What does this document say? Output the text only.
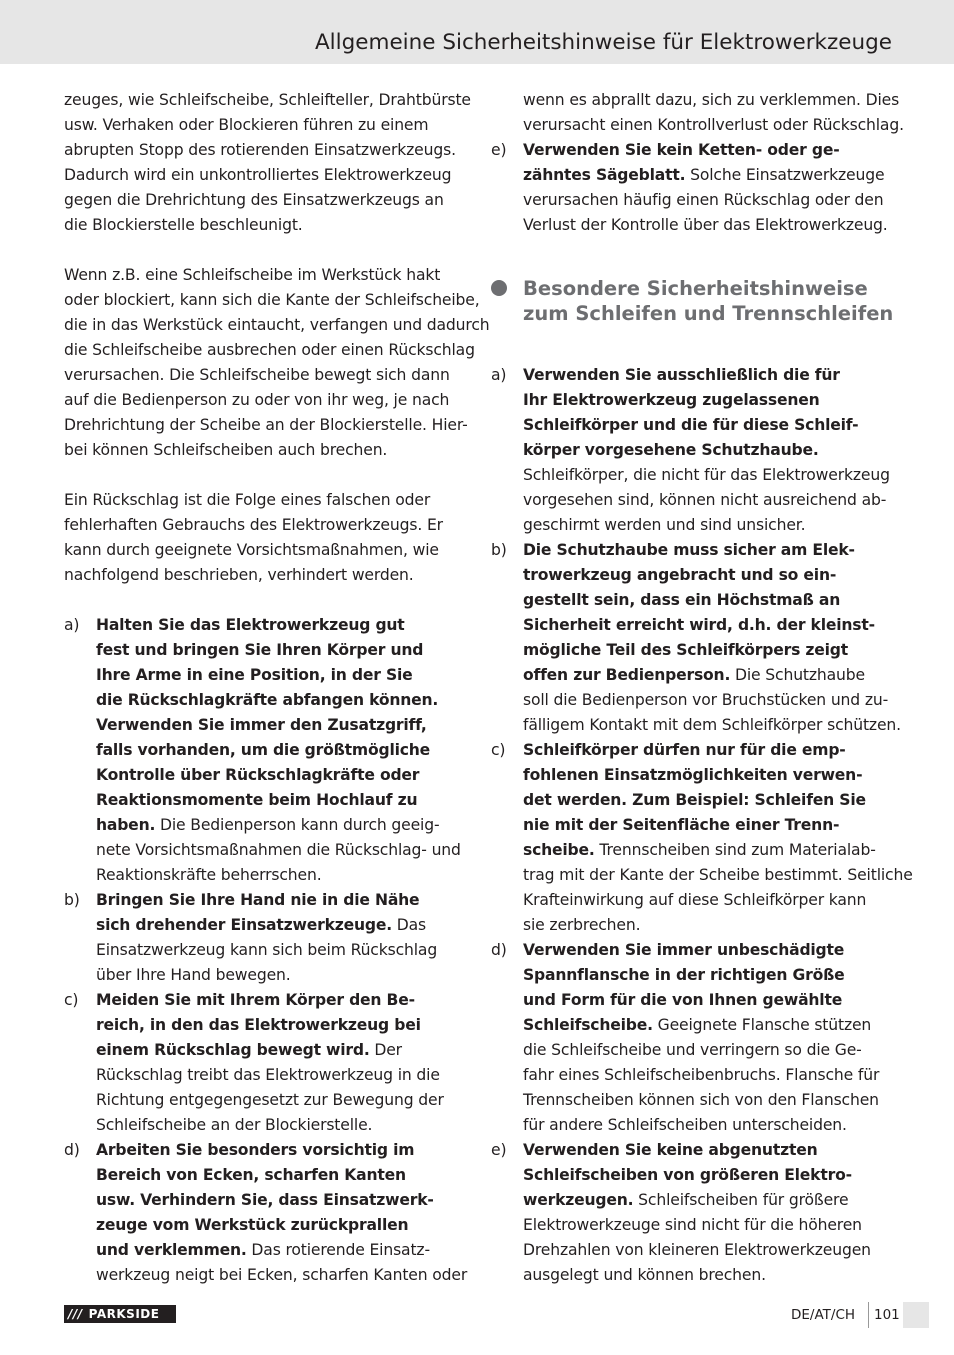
Allgemeine Sicherheitshinweise für Elektrowerkzeuge
zeuges, wie Schleifscheibe, Schleifteller, Drahtbürste
usw. Verhaken oder Blockieren führen zu einem
abrupten Stopp des rotierenden Einsatzwerkzeugs.
Dadurch wird ein unkontrolliertes Elektrowerkzeug
gegen die Drehrichtung des Einsatzwerkzeugs an
die Blockierstelle beschleunigt.
Wenn z.B. eine Schleifscheibe im Werkstück hakt
oder blockiert, kann sich die Kante der Schleifscheibe,
die in das Werkstück eintaucht, verfangen und dadurch
die Schleifscheibe ausbrechen oder einen Rückschlag
verursachen. Die Schleifscheibe bewegt sich dann
auf die Bedienperson zu oder von ihr weg, je nach
Drehrichtung der Scheibe an der Blockierstelle. Hier-
bei können Schleifscheiben auch brechen.
Ein Rückschlag ist die Folge eines falschen oder
fehlerhaften Gebrauchs des Elektrowerkzeugs. Er
kann durch geeignete Vorsichtsmaßnahmen, wie
nachfolgend beschrieben, verhindert werden.
a) Halten Sie das Elektrowerkzeug gut
fest und bringen Sie Ihren Körper und
Ihre Arme in eine Position, in der Sie
die Rückschlagkräfte abfangen können.
Verwenden Sie immer den Zusatzgriff,
falls vorhanden, um die größtmögliche
Kontrolle über Rückschlagkräfte oder
Reaktionsmomente beim Hochlauf zu
haben. Die Bedienperson kann durch geeig-
nete Vorsichtsmaßnahmen die Rückschlag- und
Reaktionskräfte beherrschen.
b) Bringen Sie Ihre Hand nie in die Nähe
sich drehender Einsatzwerkzeuge. Das
Einsatzwerkzeug kann sich beim Rückschlag
über Ihre Hand bewegen.
c) Meiden Sie mit Ihrem Körper den Be-
reich, in den das Elektrowerkzeug bei
einem Rückschlag bewegt wird. Der
Rückschlag treibt das Elektrowerkzeug in die
Richtung entgegengesetzt zur Bewegung der
Schleifscheibe an der Blockierstelle.
d) Arbeiten Sie besonders vorsichtig im
Bereich von Ecken, scharfen Kanten
usw. Verhindern Sie, dass Einsatzwerk-
zeuge vom Werkstück zurückprallen
und verklemmen. Das rotierende Einsatz-
werkzeug neigt bei Ecken, scharfen Kanten oder
wenn es abprallt dazu, sich zu verklemmen. Dies
verursacht einen Kontrollverlust oder Rückschlag.
e) Verwenden Sie kein Ketten- oder ge-
zähntes Sägeblatt. Solche Einsatzwerkzeuge
verursachen häufig einen Rückschlag oder den
Verlust der Kontrolle über das Elektrowerkzeug.
Besondere Sicherheitshinweise
zum Schleifen und Trennschleifen
a) Verwenden Sie ausschließlich die für
Ihr Elektrowerkzeug zugelassenen
Schleifkörper und die für diese Schleif-
körper vorgesehene Schutzhaube.
Schleifkörper, die nicht für das Elektrowerkzeug
vorgesehen sind, können nicht ausreichend ab-
geschirmt werden und sind unsicher.
b) Die Schutzhaube muss sicher am Elek-
trowerkzeug angebracht und so ein-
gestellt sein, dass ein Höchstmaß an
Sicherheit erreicht wird, d.h. der kleinst-
mögliche Teil des Schleifkörpers zeigt
offen zur Bedienperson. Die Schutzhaube
soll die Bedienperson vor Bruchstücken und zu-
fälligem Kontakt mit dem Schleifkörper schützen.
c) Schleifkörper dürfen nur für die emp-
fohlenen Einsatzmöglichkeiten verwen-
det werden. Zum Beispiel: Schleifen Sie
nie mit der Seitenfläche einer Trenn-
scheibe. Trennscheiben sind zum Materialab-
trag mit der Kante der Scheibe bestimmt. Seitliche
Krafteinwirkung auf diese Schleifkörper kann
sie zerbrechen.
d) Verwenden Sie immer unbeschädigte
Spannflansche in der richtigen Größe
und Form für die von Ihnen gewählte
Schleifscheibe. Geeignete Flansche stützen
die Schleifscheibe und verringern so die Ge-
fahr eines Schleifscheibenbruchs. Flansche für
Trennscheiben können sich von den Flanschen
für andere Schleifscheiben unterscheiden.
e) Verwenden Sie keine abgenutzten
Schleifscheiben von größeren Elektro-
werkzeugen. Schleifscheiben für größere
Elektrowerkzeuge sind nicht für die höheren
Drehzahlen von kleineren Elektrowerkzeugen
ausgelegt und können brechen.
/// PARKSIDE	DE/AT/CH 101
